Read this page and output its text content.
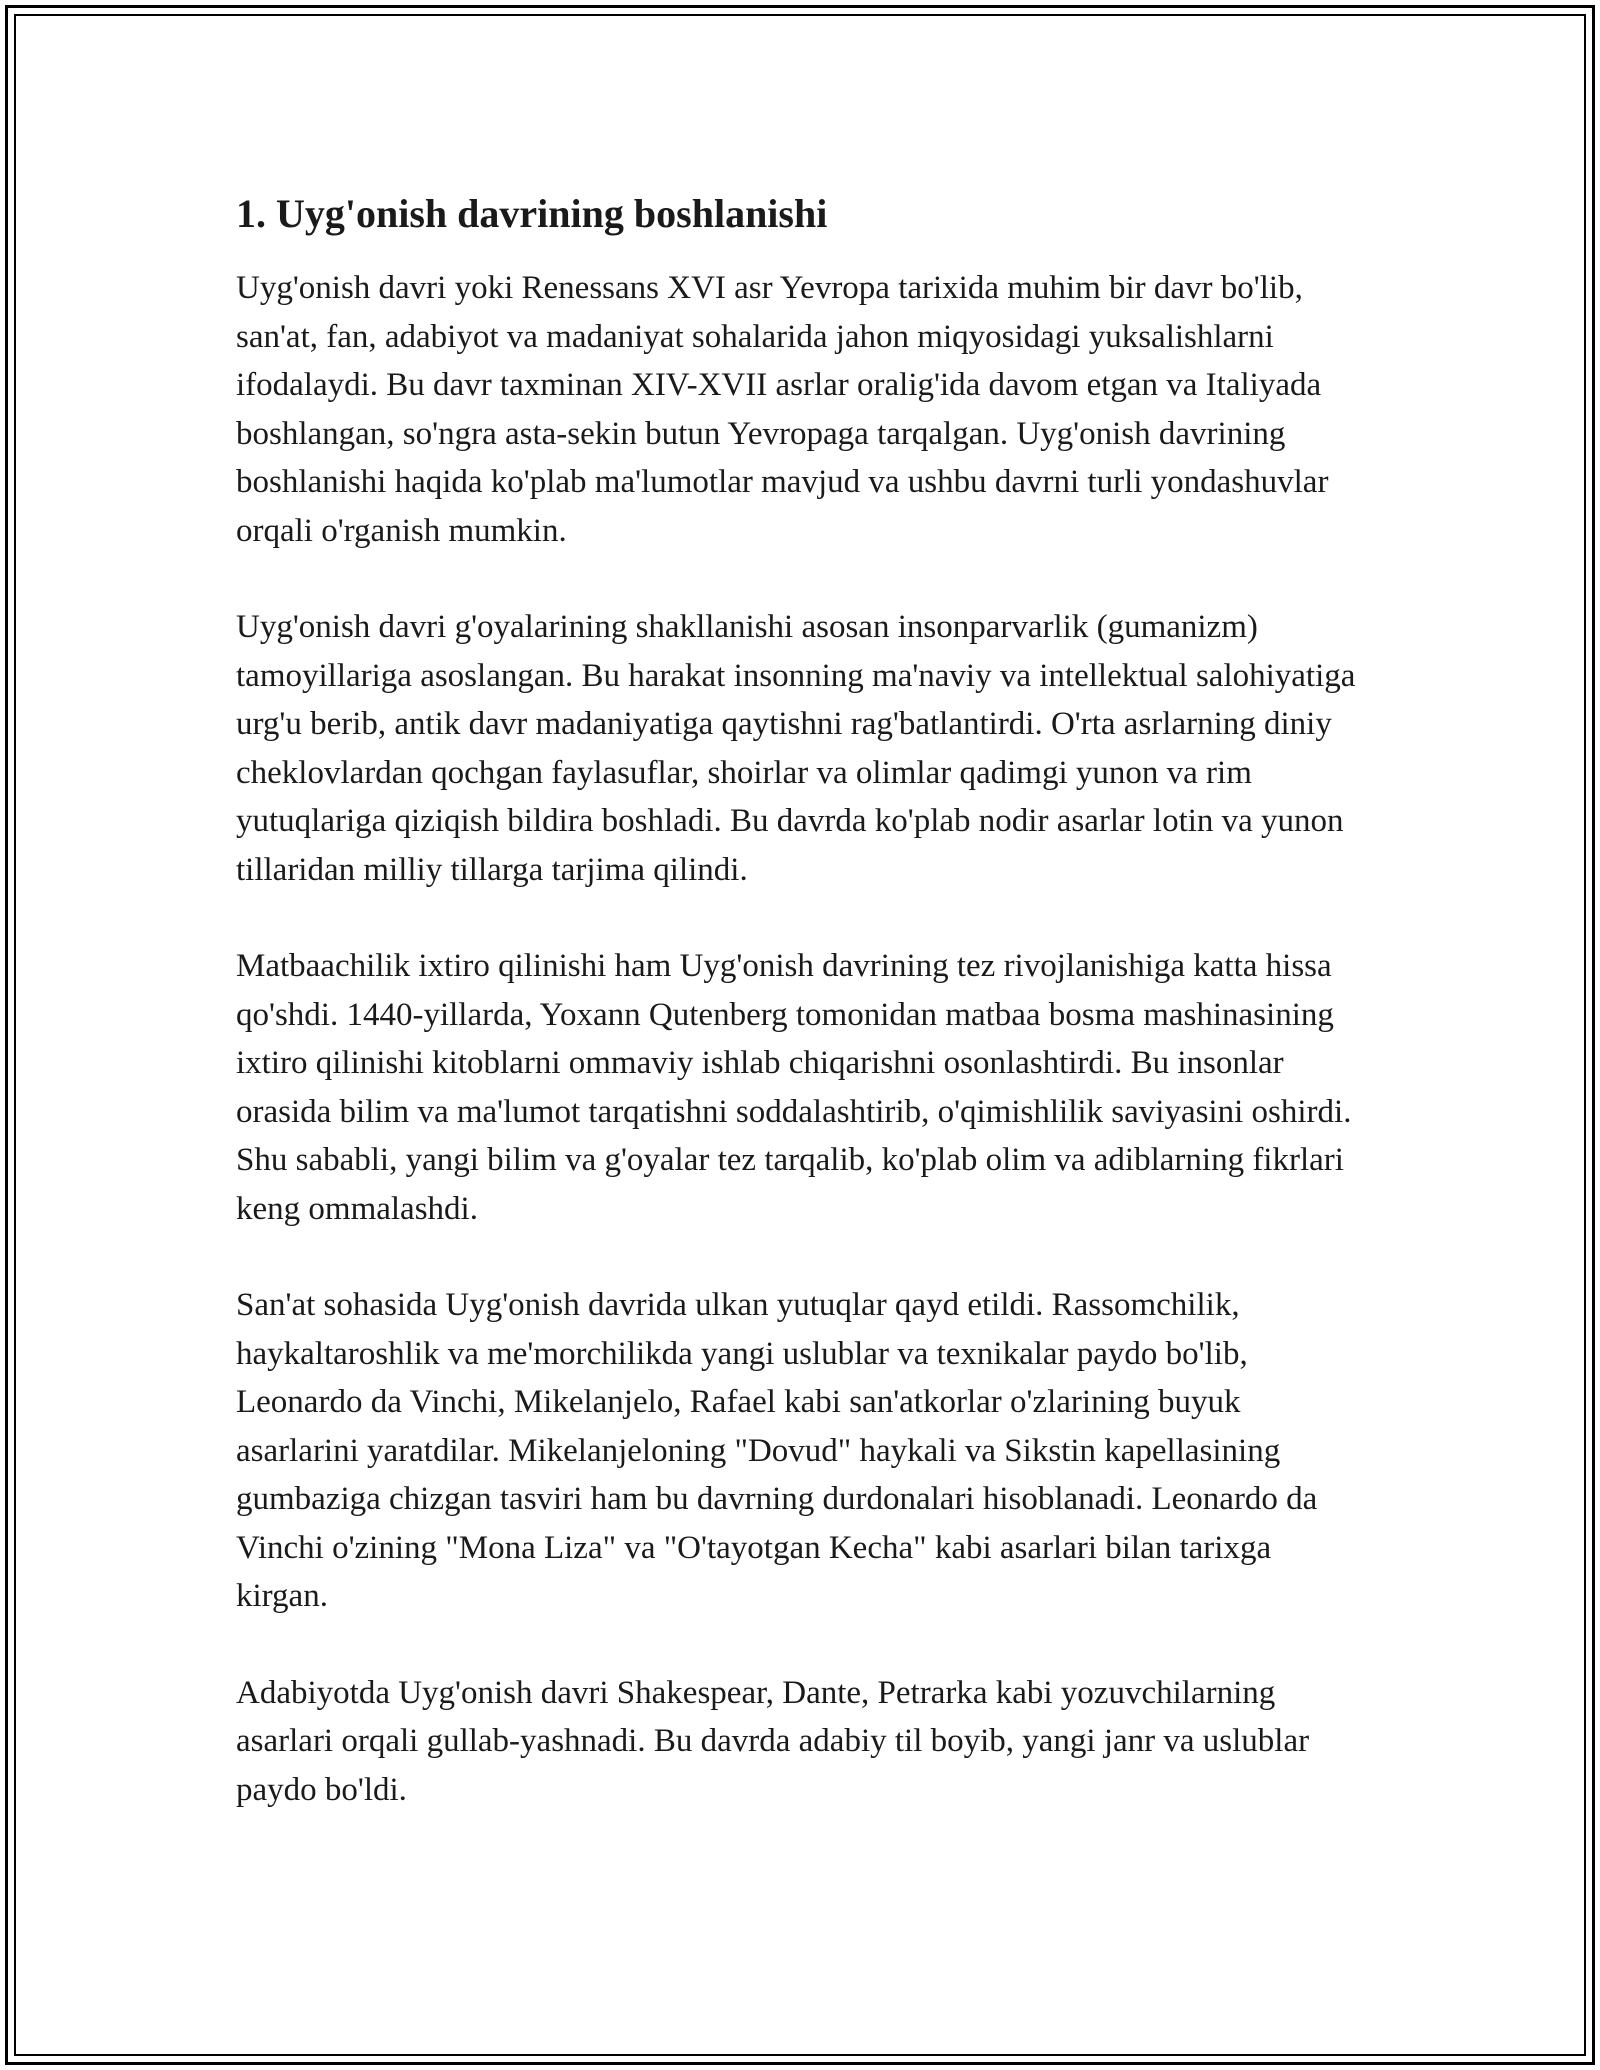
1. Uyg'onish davrining boshlanishi

Uyg'onish davri yoki Renessans XVI asr Yevropa tarixida muhim bir davr bo'lib, san'at, fan, adabiyot va madaniyat sohalarida jahon miqyosidagi yuksalishlarni ifodalaydi. Bu davr taxminan XIV-XVII asrlar oralig'ida davom etgan va Italiyada boshlangan, so'ngra asta-sekin butun Yevropaga tarqalgan. Uyg'onish davrining boshlanishi haqida ko'plab ma'lumotlar mavjud va ushbu davrni turli yondashuvlar orqali o'rganish mumkin.

Uyg'onish davri g'oyalarining shakllanishi asosan insonparvarlik (gumanizm) tamoyillariga asoslangan. Bu harakat insonning ma'naviy va intellektual salohiyatiga urg'u berib, antik davr madaniyatiga qaytishni rag'batlantirdi. O'rta asrlarning diniy cheklovlardan qochgan faylasuflar, shoirlar va olimlar qadimgi yunon va rim yutuqlariga qiziqish bildira boshladi. Bu davrda ko'plab nodir asarlar lotin va yunon tillaridan milliy tillarga tarjima qilindi.

Matbaachilik ixtiro qilinishi ham Uyg'onish davrining tez rivojlanishiga katta hissa qo'shdi. 1440-yillarda, Yoxann Qutenberg tomonidan matbaa bosma mashinasining ixtiro qilinishi kitoblarni ommaviy ishlab chiqarishni osonlashtirdi. Bu insonlar orasida bilim va ma'lumot tarqatishni soddalashtirib, o'qimishlilik saviyasini oshirdi. Shu sababli, yangi bilim va g'oyalar tez tarqalib, ko'plab olim va adiblarning fikrlari keng ommalashdi.

San'at sohasida Uyg'onish davrida ulkan yutuqlar qayd etildi. Rassomchilik, haykaltaroshlik va me'morchilikda yangi uslublar va texnikalar paydo bo'lib, Leonardo da Vinchi, Mikelanjelo, Rafael kabi san'atkorlar o'zlarining buyuk asarlarini yaratdilar. Mikelanjeloning "Dovud" haykali va Sikstin kapellasining gumbaziga chizgan tasviri ham bu davrning durdonalari hisoblanadi. Leonardo da Vinchi o'zining "Mona Liza" va "O'tayotgan Kecha" kabi asarlari bilan tarixga kirgan.

Adabiyotda Uyg'onish davri Shakespear, Dante, Petrarka kabi yozuvchilarning asarlari orqali gullab-yashnadi. Bu davrda adabiy til boyib, yangi janr va uslublar paydo bo'ldi.
